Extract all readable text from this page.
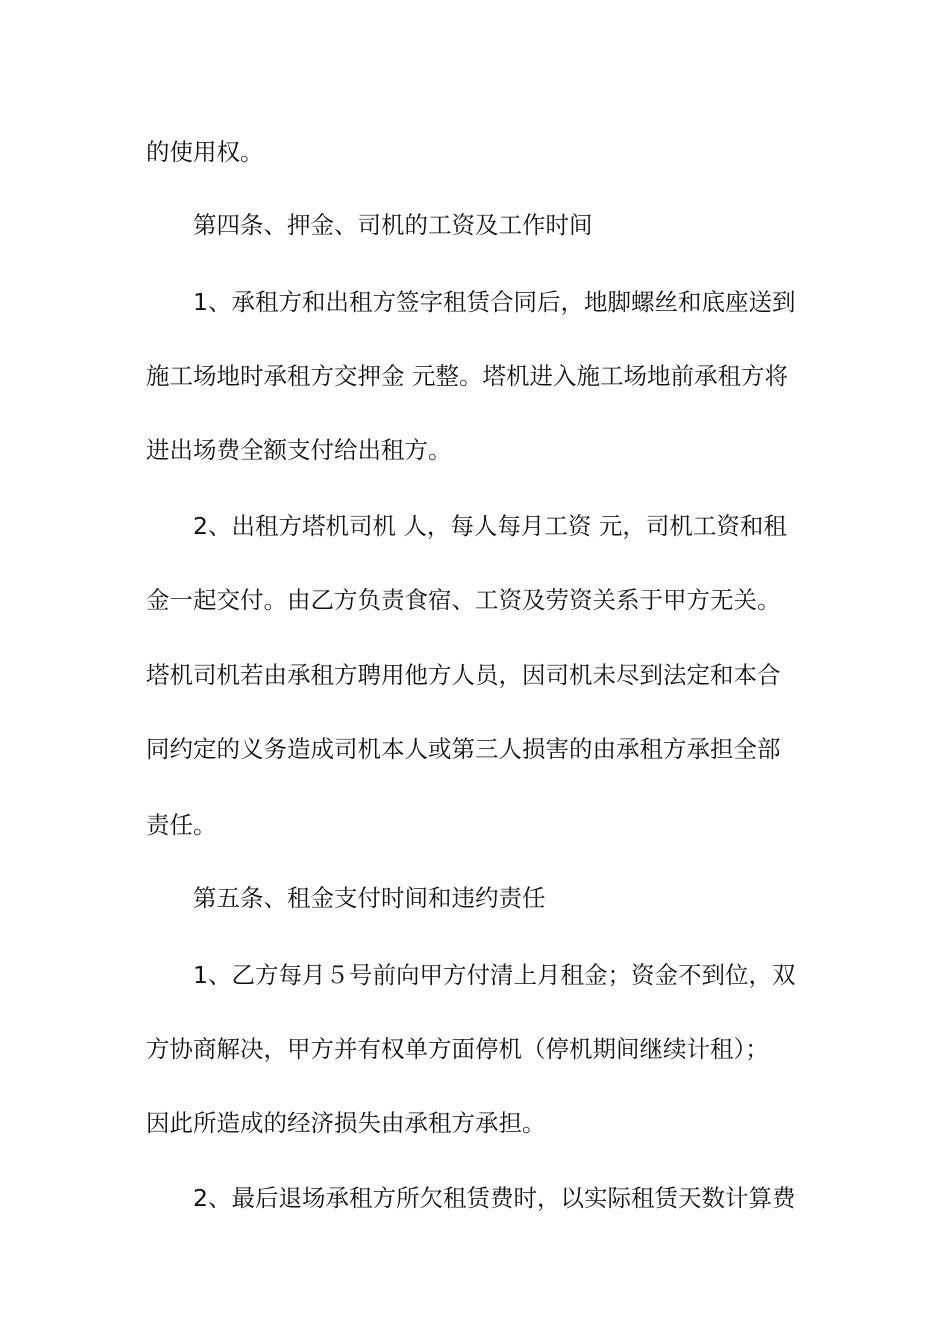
的使用权。
第四条、押金、司机的工资及工作时间
1、承租方和出租方签字租赁合同后，地脚螺丝和底座送到
施工场地时承租方交押金 元整。塔机进入施工场地前承租方将
进出场费全额支付给出租方。
2、出租方塔机司机 人，每人每月工资 元，司机工资和租
金一起交付。由乙方负责食宿、工资及劳资关系于甲方无关。
塔机司机若由承租方聘用他方人员，因司机未尽到法定和本合
同约定的义务造成司机本人或第三人损害的由承租方承担全部
责任。
第五条、租金支付时间和违约责任
1、乙方每月５号前向甲方付清上月租金；资金不到位，双
方协商解决，甲方并有权单方面停机（停机期间继续计租）；
因此所造成的经济损失由承租方承担。
2、最后退场承租方所欠租赁费时，以实际租赁天数计算费
